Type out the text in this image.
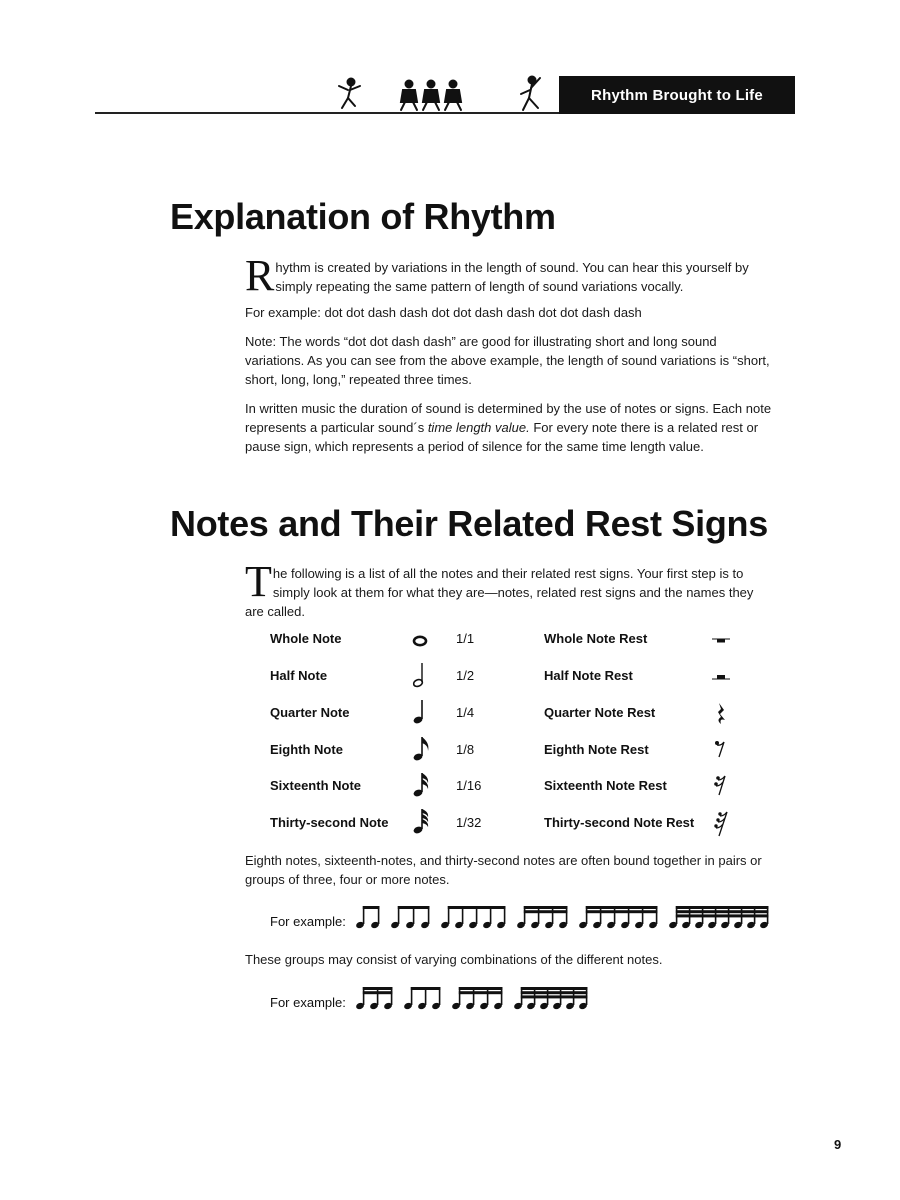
Rhythm Brought to Life
Explanation of Rhythm
R hythm is created by variations in the length of sound. You can hear this yourself by simply repeating the same pattern of length of sound variations vocally.

For example: dot dot dash dash dot dot dash dash dot dot dash dash

Note: The words “dot dot dash dash” are good for illustrating short and long sound variations. As you can see from the above example, the length of sound variations is “short, short, long, long,” repeated three times.

In written music the duration of sound is determined by the use of notes or signs. Each note represents a particular sound´s time length value. For every note there is a related rest or pause sign, which represents a period of silence for the same time length value.

Notes and Their Related Rest Signs
T he following is a list of all the notes and their related rest signs. Your first step is to simply look at them for what they are—notes, related rest signs and the names they are called.

Whole Note	1/1	Whole Note Rest
Half Note	1/2	Half Note Rest
Quarter Note	1/4	Quarter Note Rest
Eighth Note	1/8	Eighth Note Rest
Sixteenth Note	1/16	Sixteenth Note Rest
Thirty-second Note	1/32	Thirty-second Note Rest

Eighth notes, sixteenth-notes, and thirty-second notes are often bound together in pairs or groups of three, four or more notes.

For example:

These groups may consist of varying combinations of the different notes.

For example:
9
